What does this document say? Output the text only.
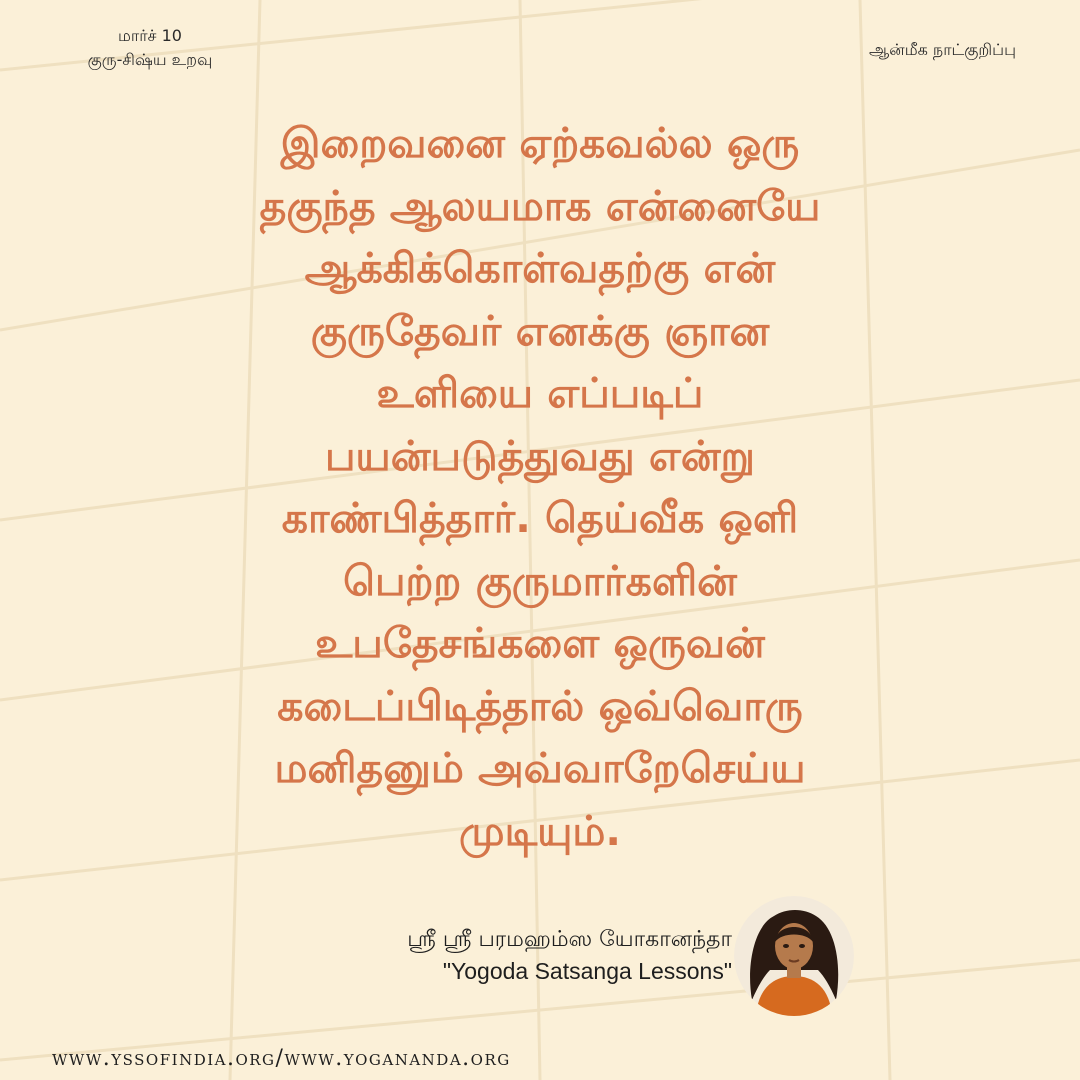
மார்ச் 10
குரு-சிஷ்ய உறவு
ஆன்மீக நாட்குறிப்பு
இறைவனை ஏற்கவல்ல ஒரு
தகுந்த ஆலயமாக என்னையே
ஆக்கிக்கொள்வதற்கு என்
குருதேவர் எனக்கு ஞான
உளியை எப்படிப்
பயன்படுத்துவது என்று
காண்பித்தார். தெய்வீக ஒளி
பெற்ற குருமார்களின்
உபதேசங்களை ஒருவன்
கடைப்பிடித்தால் ஒவ்வொரு
மனிதனும் அவ்வாறேசெய்ய
முடியும்.
ஸ்ரீ ஸ்ரீ பரமஹம்ஸ யோகானந்தா
"Yogoda Satsanga Lessons"
www.yssofindia.org/www.yogananda.org
